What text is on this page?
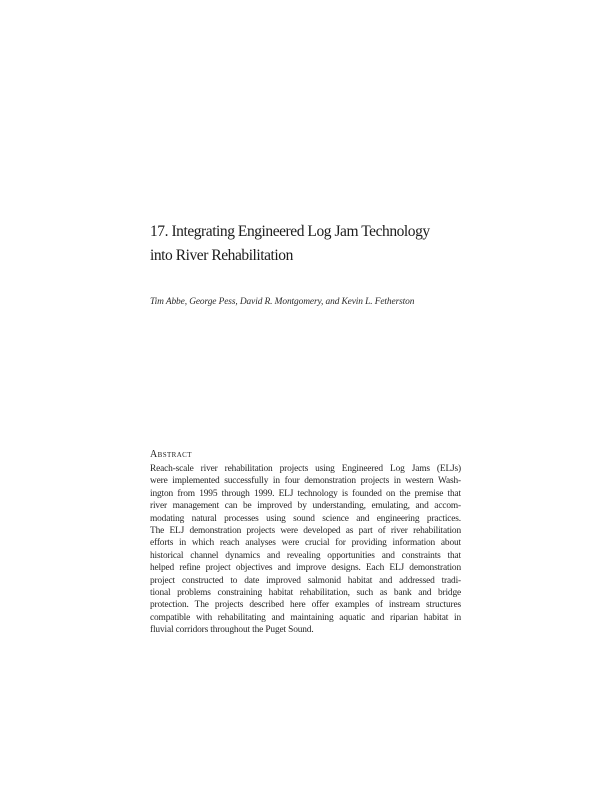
17. Integrating Engineered Log Jam Technology
into River Rehabilitation

Tim Abbe, George Pess, David R. Montgomery, and Kevin L. Fetherston

Abstract
Reach-scale river rehabilitation projects using Engineered Log Jams (ELJs)
were implemented successfully in four demonstration projects in western Wash-
ington from 1995 through 1999. ELJ technology is founded on the premise that
river management can be improved by understanding, emulating, and accom-
modating natural processes using sound science and engineering practices.
The ELJ demonstration projects were developed as part of river rehabilitation
efforts in which reach analyses were crucial for providing information about
historical channel dynamics and revealing opportunities and constraints that
helped refine project objectives and improve designs. Each ELJ demonstration
project constructed to date improved salmonid habitat and addressed tradi-
tional problems constraining habitat rehabilitation, such as bank and bridge
protection. The projects described here offer examples of instream structures
compatible with rehabilitating and maintaining aquatic and riparian habitat in
fluvial corridors throughout the Puget Sound.
